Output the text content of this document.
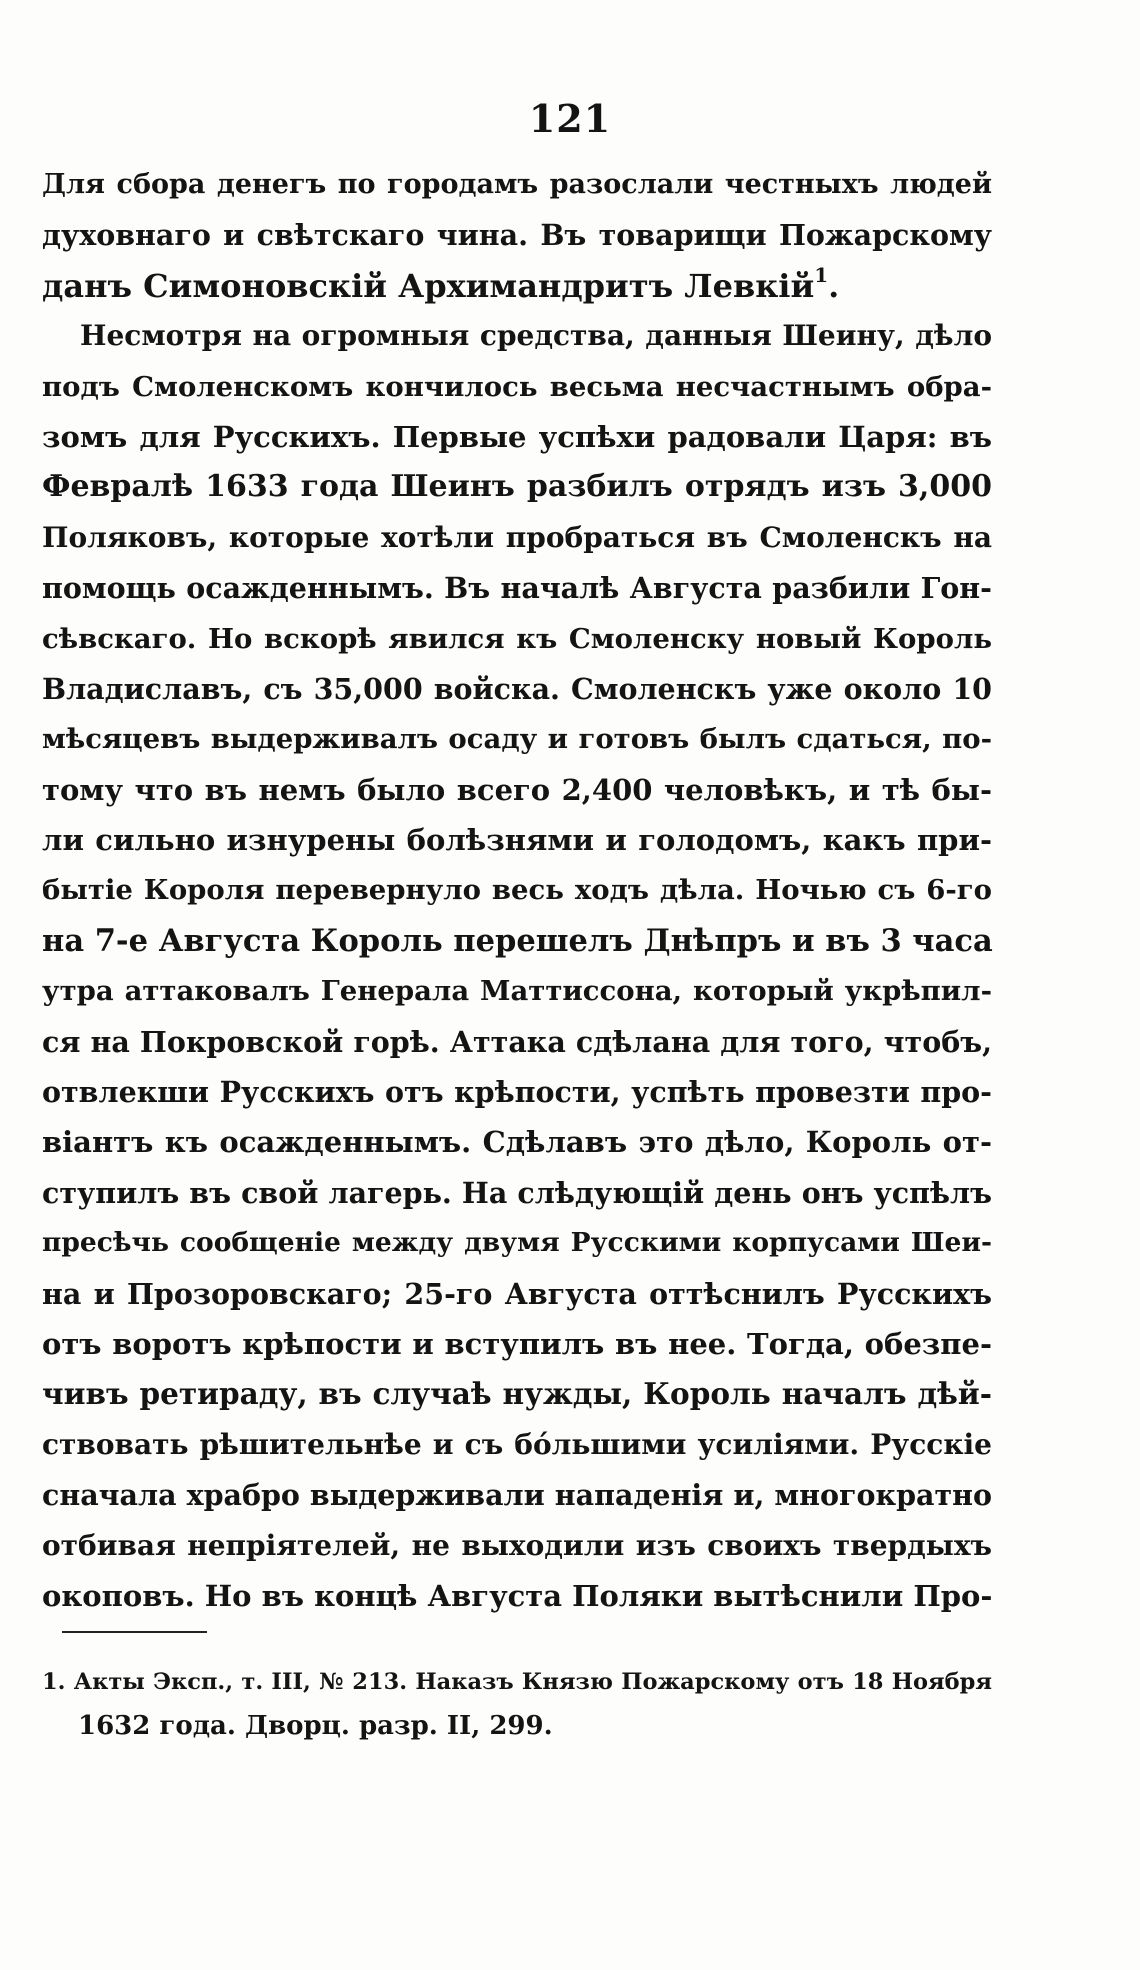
121
Для сбора денегъ по городамъ разослали честныхъ людей
духовнаго и свѣтскаго чина. Въ товарищи Пожарскому
данъ Симоновскій Архимандритъ Левкій$^1$.
Несмотря на огромныя средства, данныя Шеину, дѣло
подъ Смоленскомъ кончилось весьма несчастнымъ обра-
зомъ для Русскихъ. Первые успѣхи радовали Царя: въ
Февралѣ 1633 года Шеинъ разбилъ отрядъ изъ 3,000
Поляковъ, которые хотѣли пробраться въ Смоленскъ на
помощь осажденнымъ. Въ началѣ Августа разбили Гон-
сѣвскаго. Но вскорѣ явился къ Смоленску новый Король
Владиславъ, съ 35,000 войска. Смоленскъ уже около 10
мѣсяцевъ выдерживалъ осаду и готовъ былъ сдаться, по-
тому что въ немъ было всего 2,400 человѣкъ, и тѣ бы-
ли сильно изнурены болѣзнями и голодомъ, какъ при-
бытіе Короля перевернуло весь ходъ дѣла. Ночью съ 6-го
на 7-е Августа Король перешелъ Днѣпръ и въ 3 часа
утра аттаковалъ Генерала Маттиссона, который укрѣпил-
ся на Покровской горѣ. Аттака сдѣлана для того, чтобъ,
отвлекши Русскихъ отъ крѣпости, успѣть провезти про-
віантъ къ осажденнымъ. Сдѣлавъ это дѣло, Король от-
ступилъ въ свой лагерь. На слѣдующій день онъ успѣлъ
пресѣчь сообщеніе между двумя Русскими корпусами Шеи-
на и Прозоровскаго; 25-го Августа оттѣснилъ Русскихъ
отъ воротъ крѣпости и вступилъ въ нее. Тогда, обезпе-
чивъ ретираду, въ случаѣ нужды, Король началъ дѣй-
ствовать рѣшительнѣе и съ бóльшими усиліями. Русскіе
сначала храбро выдерживали нападенія и, многократно
отбивая непріятелей, не выходили изъ своихъ твердыхъ
окоповъ. Но въ концѣ Августа Поляки вытѣснили Про-
1. Акты Эксп., т. III, № 213. Наказъ Князю Пожарскому отъ 18 Ноября
1632 года. Дворц. разр. II, 299.
